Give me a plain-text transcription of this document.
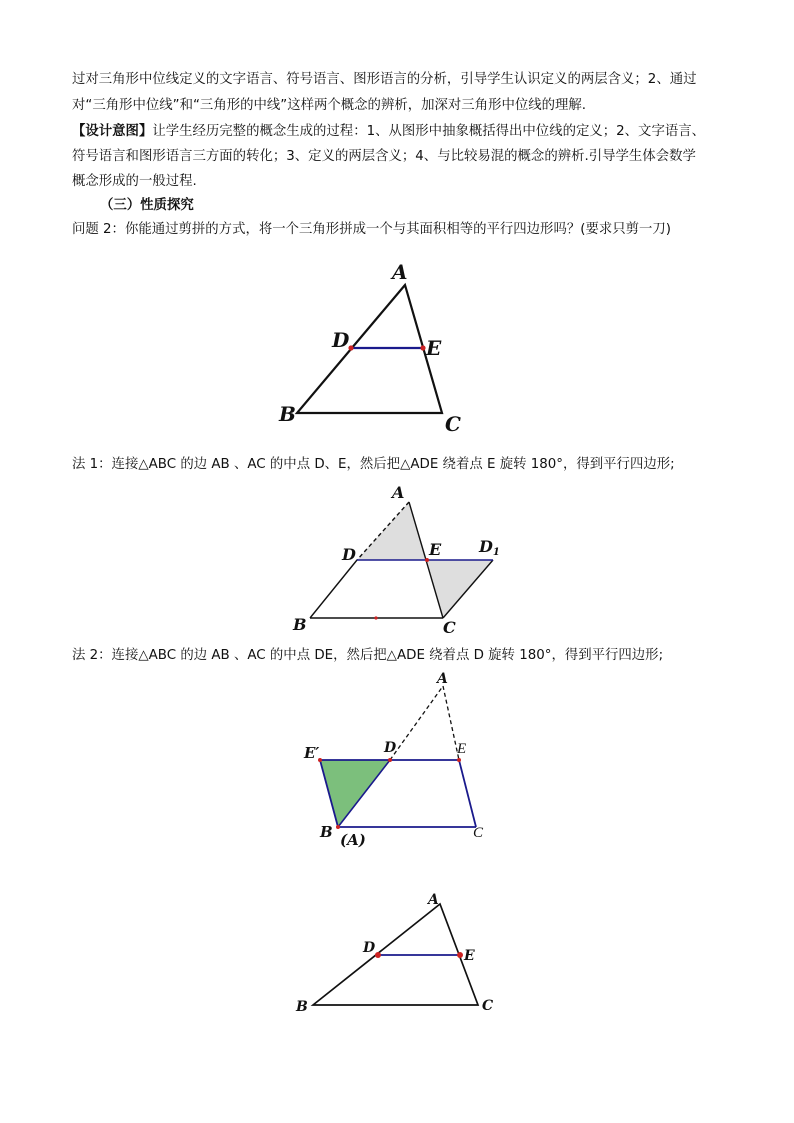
过对三角形中位线定义的文字语言、符号语言、图形语言的分析，引导学生认识定义的两层含义；2、通过
对“三角形中位线”和“三角形的中线”这样两个概念的辨析，加深对三角形中位线的理解.
【设计意图】让学生经历完整的概念生成的过程：1、从图形中抽象概括得出中位线的定义；2、文字语言、
符号语言和图形语言三方面的转化；3、定义的两层含义；4、与比较易混的概念的辨析.引导学生体会数学
概念形成的一般过程.
（三）性质探究
问题 2：你能通过剪拼的方式，将一个三角形拼成一个与其面积相等的平行四边形吗？(要求只剪一刀)
A
D	E
B	C
法 1：连接△ABC 的边 AB 、AC 的中点 D、E，然后把△ADE 绕着点 E 旋转 180°，得到平行四边形;
A
D	E D1
B	C
法 2：连接△ABC 的边 AB 、AC 的中点 DE，然后把△ADE 绕着点 D 旋转 180°，得到平行四边形;
A
D	E
E′
B (A)	C
A
D	E
B	C
